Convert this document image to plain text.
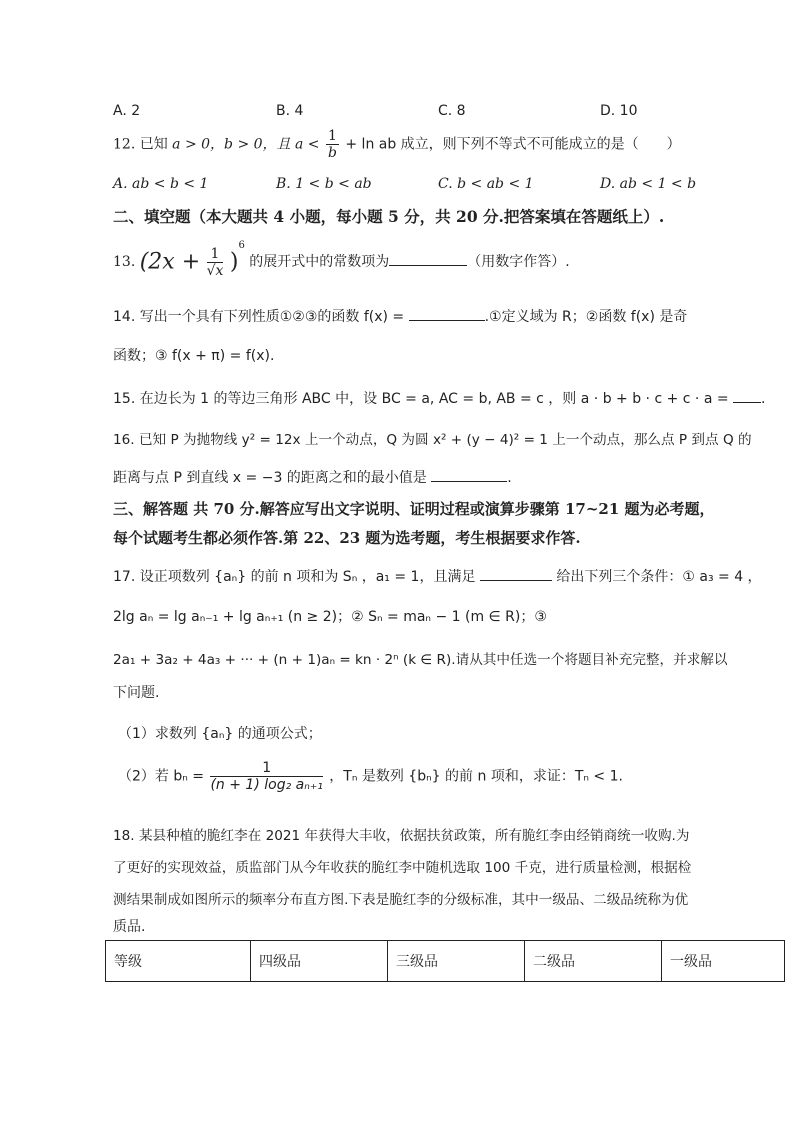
A. 2	B. 4	C. 8	D. 10
12. 已知 a > 0，b > 0，且 $a < \frac{1}{b} + \ln$ ab 成立，则下列不等式不可能成立的是（　　）
A. ab < b < 1	B. 1 < b < ab	C. b < ab < 1	D. ab < 1 < b
二、填空题（本大题共 4 小题，每小题 5 分，共 20 分.把答案填在答题纸上）.
13. $(2x + \frac{1}{√x} )^6$ 的展开式中的常数项为	（用数字作答）.
14. 写出一个具有下列性质①②③的函数 f(x) =	.①定义域为 R；②函数 f(x) 是奇
函数；③ f(x + π) = f(x).
15. 在边长为 1 的等边三角形 ABC 中，设 BC = a, AC = b, AB = c ，则 a · b + b · c + c · a = .
16. 已知 P 为抛物线 y² = 12x 上一个动点，Q 为圆 x² + (y − 4)² = 1 上一个动点，那么点 P 到点 Q 的
距离与点 P 到直线 x = −3 的距离之和的最小值是	.
三、解答题 共 70 分.解答应写出文字说明、证明过程或演算步骤第 17~21 题为必考题，
每个试题考生都必须作答.第 22、23 题为选考题，考生根据要求作答.
17. 设正项数列 {aₙ} 的前 n 项和为 Sₙ ，a₁ = 1，且满足	给出下列三个条件：① a₃ = 4 ，
2lg aₙ = lg aₙ₋₁ + lg aₙ₊₁ (n ≥ 2)；② Sₙ = maₙ − 1 (m ∈ R)；③
2a₁ + 3a₂ + 4a₃ + ··· + (n + 1)aₙ = kn · 2ⁿ (k ∈ R).请从其中任选一个将题目补充完整，并求解以
下问题.
（1）求数列 {aₙ} 的通项公式；
（2）若 $b_n = \frac{1}{\text{(n + 1) log₂ aₙ₊₁}}$ ，Tₙ 是数列 {bₙ} 的前 n 项和，求证：Tₙ < 1.
18. 某县种植的脆红李在 2021 年获得大丰收，依据扶贫政策，所有脆红李由经销商统一收购.为
了更好的实现效益，质监部门从今年收获的脆红李中随机选取 100 千克，进行质量检测，根据检
测结果制成如图所示的频率分布直方图.下表是脆红李的分级标准，其中一级品、二级品统称为优
质品.
等级	四级品	三级品	二级品	一级品
